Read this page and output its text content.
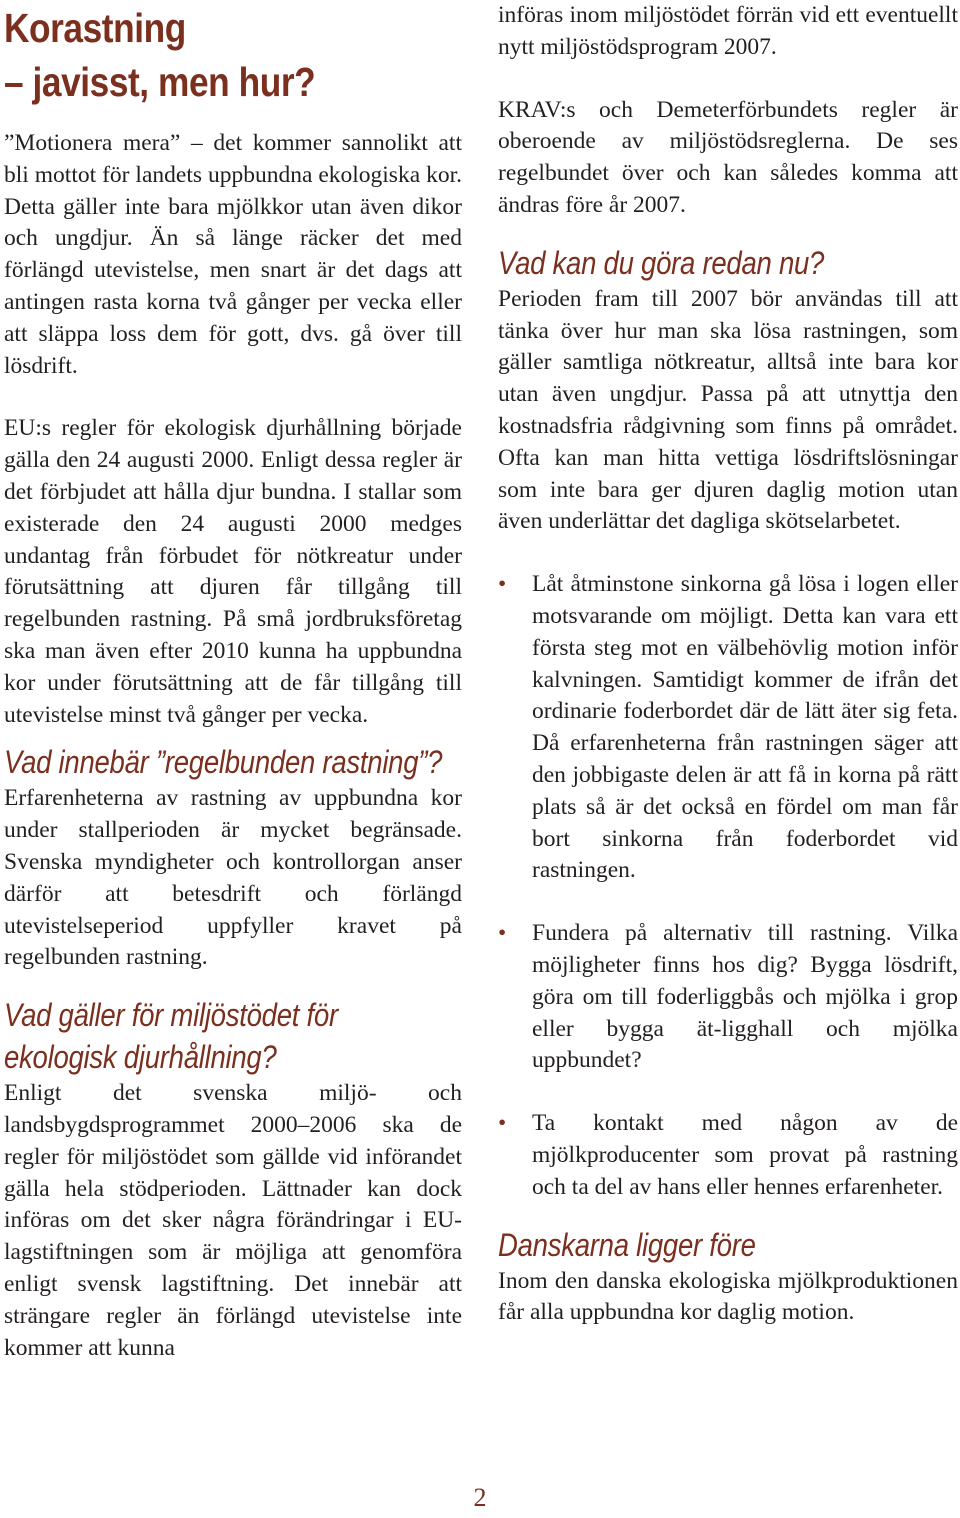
Korastning
– javisst, men hur?

”Motionera mera” – det kommer sannolikt att bli mottot för landets uppbundna ekologiska kor. Detta gäller inte bara mjölkkor utan även dikor och ungdjur. Än så länge räcker det med förlängd utevistelse, men snart är det dags att antingen rasta korna två gånger per vecka eller att släppa loss dem för gott, dvs. gå över till lösdrift.

EU:s regler för ekologisk djurhållning började gälla den 24 augusti 2000. Enligt dessa regler är det förbjudet att hålla djur bundna. I stallar som existerade den 24 augusti 2000 medges undantag från förbudet för nötkreatur under förutsättning att djuren får tillgång till regelbunden rastning. På små jordbruksföretag ska man även efter 2010 kunna ha uppbundna kor under förutsättning att de får tillgång till utevistelse minst två gånger per vecka.

Vad innebär ”regelbunden rastning”?

Erfarenheterna av rastning av uppbundna kor under stallperioden är mycket begränsade. Svenska myndigheter och kontrollorgan anser därför att betesdrift och förlängd utevistelseperiod uppfyller kravet på regelbunden rastning.

Vad gäller för miljöstödet för
ekologisk djurhållning?

Enligt det svenska miljö- och landsbygdsprogrammet 2000–2006 ska de regler för miljöstödet som gällde vid införandet gälla hela stödperioden. Lättnader kan dock införas om det sker några förändringar i EU-lagstiftningen som är möjliga att genomföra enligt svensk lagstiftning. Det innebär att strängare regler än förlängd utevistelse inte kommer att kunna

införas inom miljöstödet förrän vid ett eventuellt nytt miljöstödsprogram 2007.

KRAV:s och Demeterförbundets regler är oberoende av miljöstödsreglerna. De ses regelbundet över och kan således komma att ändras före år 2007.

Vad kan du göra redan nu?

Perioden fram till 2007 bör användas till att tänka över hur man ska lösa rastningen, som gäller samtliga nötkreatur, alltså inte bara kor utan även ungdjur. Passa på att utnyttja den kostnadsfria rådgivning som finns på området. Ofta kan man hitta vettiga lösdriftslösningar som inte bara ger djuren daglig motion utan även underlättar det dagliga skötselarbetet.

• Låt åtminstone sinkorna gå lösa i logen eller motsvarande om möjligt. Detta kan vara ett första steg mot en välbehövlig motion inför kalvningen. Samtidigt kommer de ifrån det ordinarie foderbordet där de lätt äter sig feta. Då erfarenheterna från rastningen säger att den jobbigaste delen är att få in korna på rätt plats så är det också en fördel om man får bort sinkorna från foderbordet vid rastningen.
• Fundera på alternativ till rastning. Vilka möjligheter finns hos dig? Bygga lösdrift, göra om till foderliggbås och mjölka i grop eller bygga ät-ligghall och mjölka uppbundet?
• Ta kontakt med någon av de mjölkproducenter som provat på rastning och ta del av hans eller hennes erfarenheter.
Danskarna ligger före

Inom den danska ekologiska mjölkproduktionen får alla uppbundna kor daglig motion.

2
